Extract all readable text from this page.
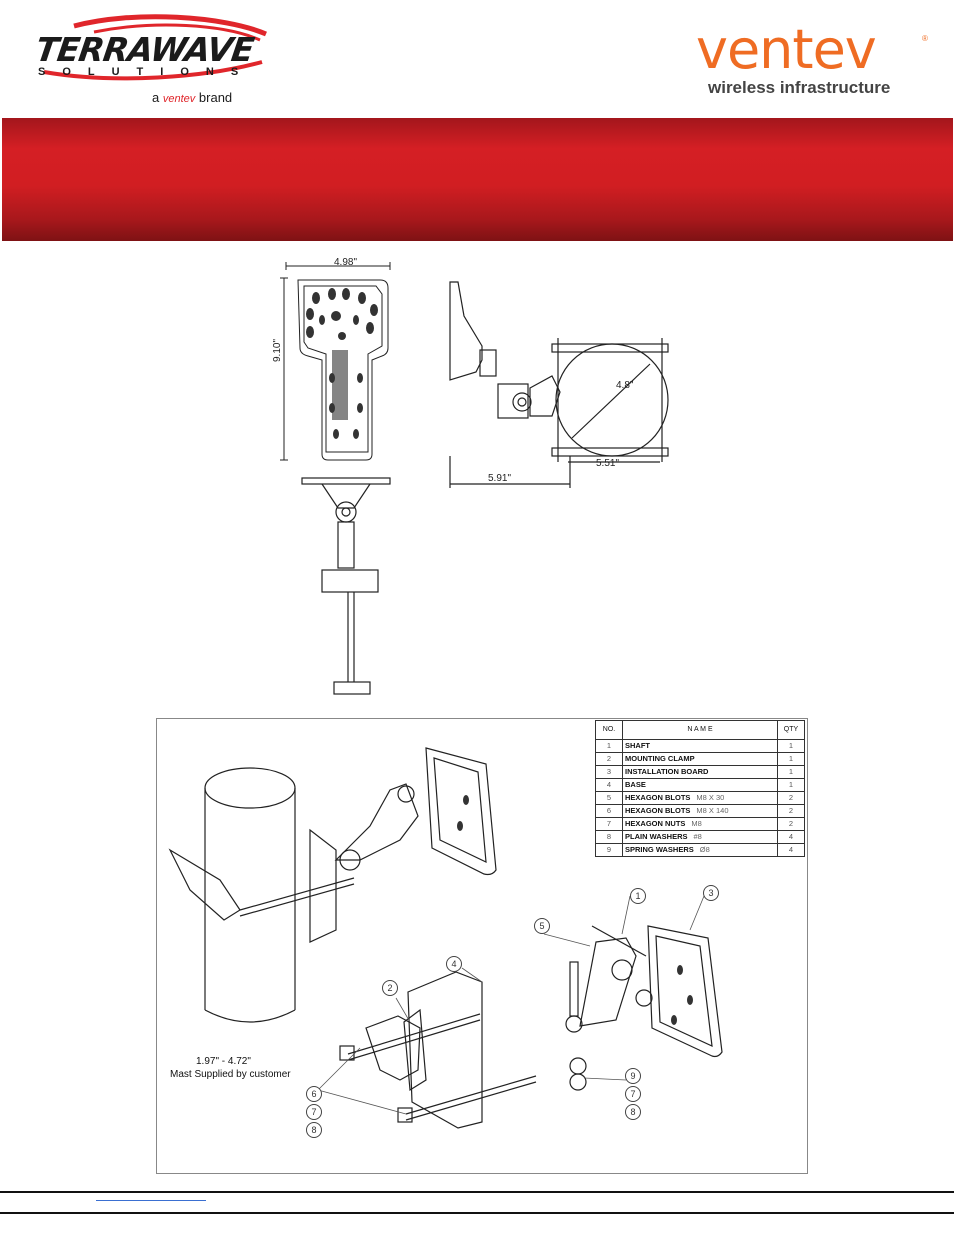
TERRAWAVE
SOLUTIONS
a ventev brand
ventev	®
wireless infrastructure
4.98"
9.10"
4.8"
5.51"
5.91"
1
2
3
4
5
6
7
8
9
7
8
1.97" - 4.72"
Mast Supplied by customer
NO.	N A M E	QTY
1	SHAFT	1
2	MOUNTING CLAMP	1
3	INSTALLATION BOARD	1
4	BASE	1
5	HEXAGON BLOTS M8 X 30	2
6	HEXAGON BLOTS M8 X 140	2
7	HEXAGON NUTS M8	2
8	PLAIN WASHERS #8	4
9	SPRING WASHERS Ø8	4
